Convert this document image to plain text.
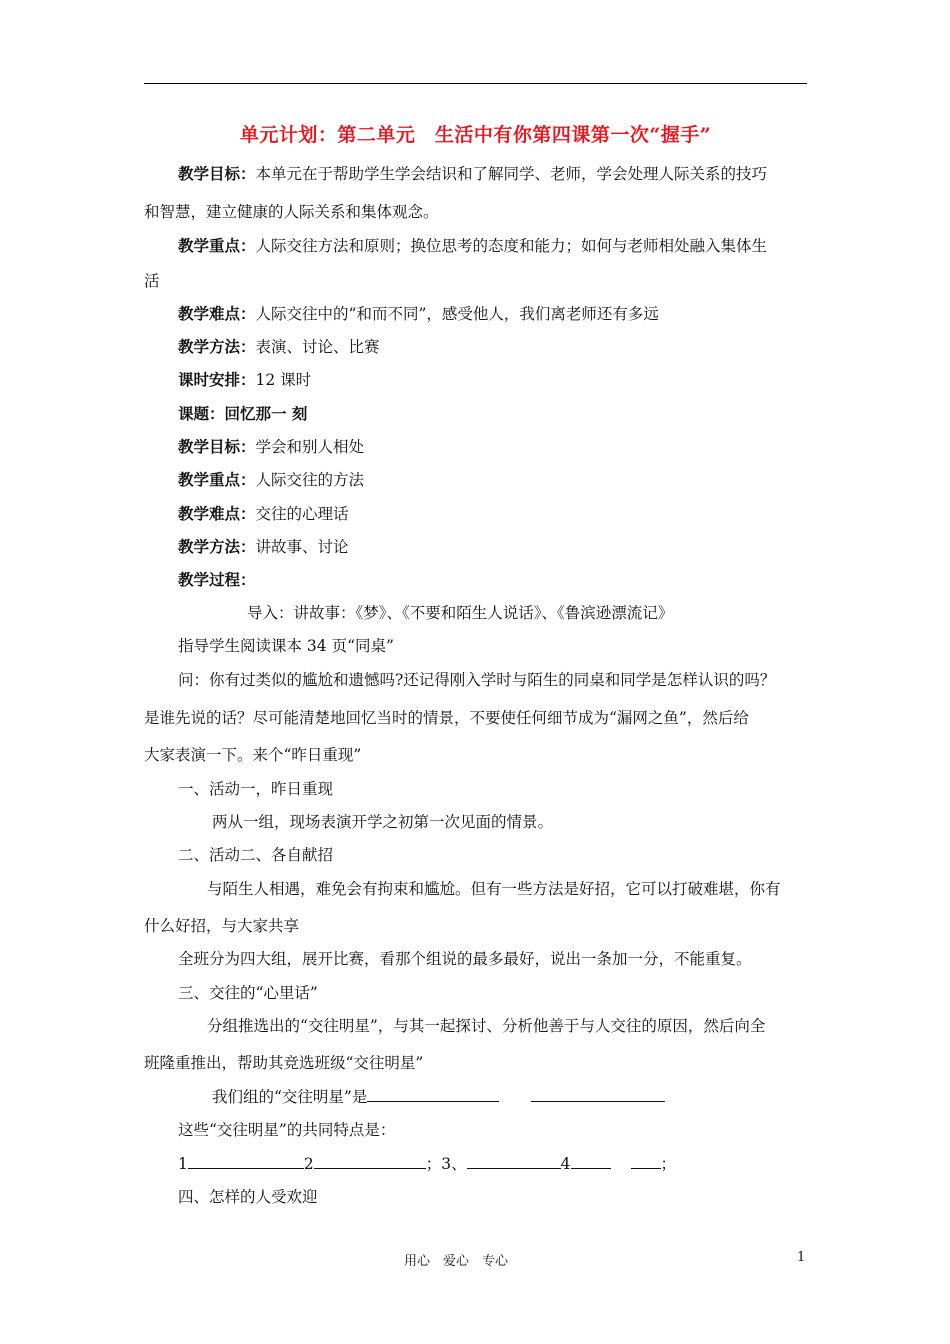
单元计划：第二单元　生活中有你第四课第一次“握手”
教学目标：本单元在于帮助学生学会结识和了解同学、老师，学会处理人际关系的技巧
和智慧，建立健康的人际关系和集体观念。
教学重点：人际交往方法和原则；换位思考的态度和能力；如何与老师相处融入集体生
活
教学难点：人际交往中的“和而不同”，感受他人，我们离老师还有多远
教学方法：表演、讨论、比赛
课时安排：12 课时
课题：回忆那一 刻
教学目标：学会和别人相处
教学重点：人际交往的方法
教学难点：交往的心理话
教学方法：讲故事、讨论
教学过程：
导入：讲故事：《梦》、《不要和陌生人说话》、《鲁滨逊漂流记》
指导学生阅读课本 34 页“同桌”
问：你有过类似的尴尬和遗憾吗?还记得刚入学时与陌生的同桌和同学是怎样认识的吗？
是谁先说的话？尽可能清楚地回忆当时的情景，不要使任何细节成为“漏网之鱼”，然后给
大家表演一下。来个“昨日重现”
一、活动一，昨日重现
两从一组，现场表演开学之初第一次见面的情景。
二、活动二、各自献招
与陌生人相遇，难免会有拘束和尴尬。但有一些方法是好招，它可以打破难堪，你有
什么好招，与大家共享
全班分为四大组，展开比赛，看那个组说的最多最好，说出一条加一分，不能重复。
三、交往的“心里话”
分组推选出的“交往明星”，与其一起探讨、分析他善于与人交往的原因，然后向全
班隆重推出，帮助其竞选班级“交往明星”
我们组的“交往明星”是
这些“交往明星”的共同特点是：
1	2	；3、	4	；
四、怎样的人受欢迎
用心　爱心　专心	1
